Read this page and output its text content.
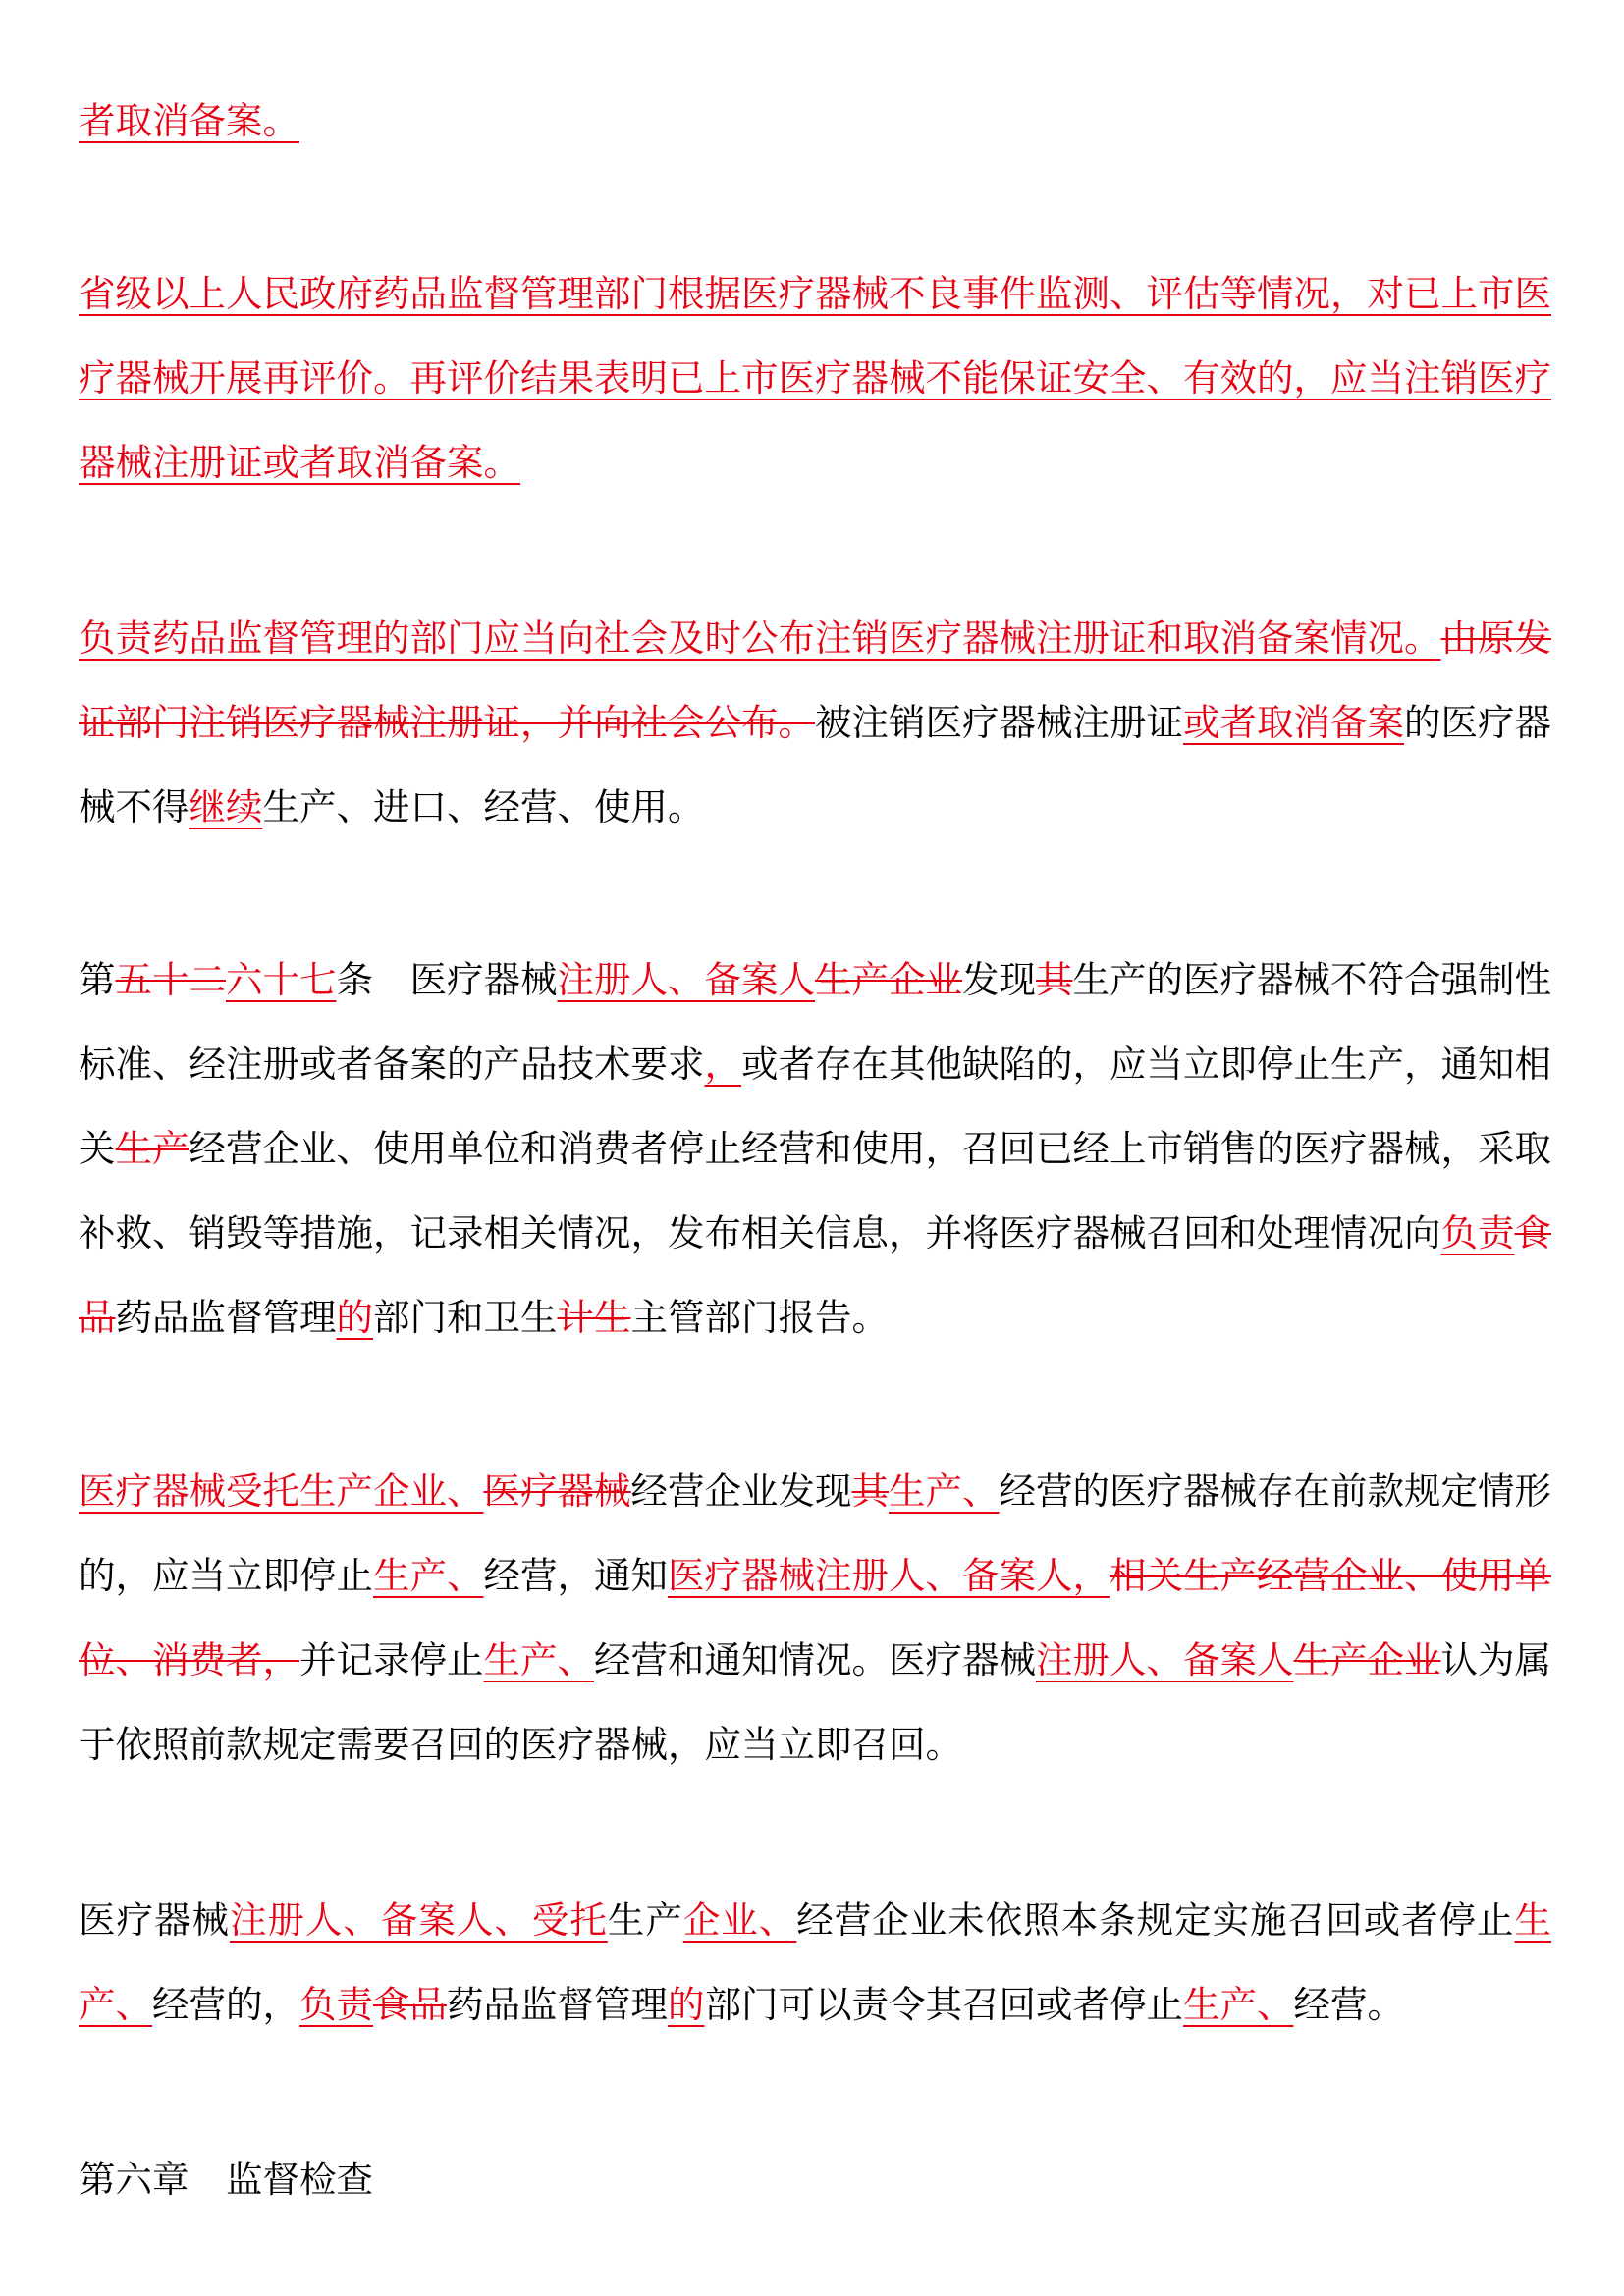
者取消备案。

省级以上人民政府药品监督管理部门根据医疗器械不良事件监测、评估等情况，对已上市医疗器械开展再评价。再评价结果表明已上市医疗器械不能保证安全、有效的，应当注销医疗器械注册证或者取消备案。

负责药品监督管理的部门应当向社会及时公布注销医疗器械注册证和取消备案情况。由原发证部门注销医疗器械注册证，并向社会公布。被注销医疗器械注册证或者取消备案的医疗器械不得继续生产、进口、经营、使用。

第五十二六十七条　医疗器械注册人、备案人生产企业发现其生产的医疗器械不符合强制性标准、经注册或者备案的产品技术要求，或者存在其他缺陷的，应当立即停止生产，通知相关生产经营企业、使用单位和消费者停止经营和使用，召回已经上市销售的医疗器械，采取补救、销毁等措施，记录相关情况，发布相关信息，并将医疗器械召回和处理情况向负责食品药品监督管理的部门和卫生计生主管部门报告。

医疗器械受托生产企业、医疗器械经营企业发现其生产、经营的医疗器械存在前款规定情形的，应当立即停止生产、经营，通知医疗器械注册人、备案人，相关生产经营企业、使用单位、消费者，并记录停止生产、经营和通知情况。医疗器械注册人、备案人生产企业认为属于依照前款规定需要召回的医疗器械，应当立即召回。

医疗器械注册人、备案人、受托生产企业、经营企业未依照本条规定实施召回或者停止生产、经营的，负责食品药品监督管理的部门可以责令其召回或者停止生产、经营。

第六章　监督检查
